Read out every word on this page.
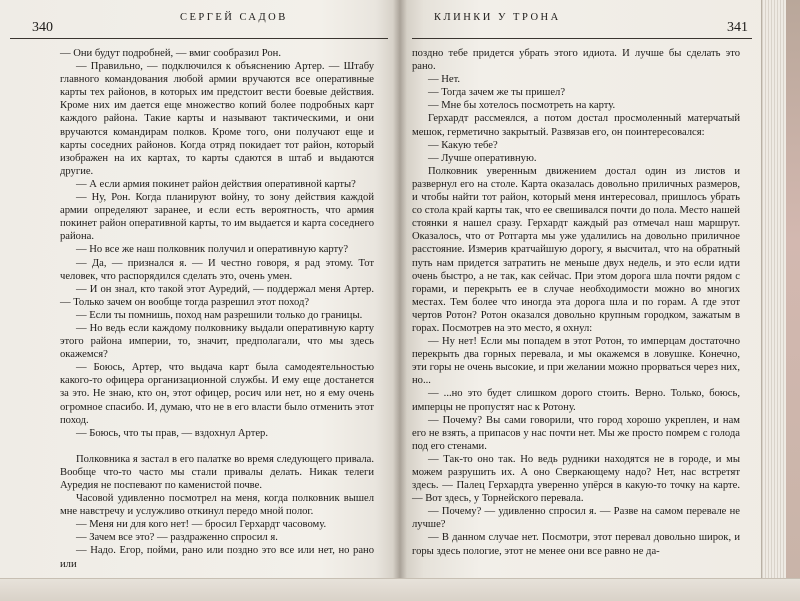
340
СЕРГЕЙ САДОВ

— Они будут подробней, — вмиг сообразил Рон.

— Правильно, — подключился к объяснению Артер. — Штабу главного командования любой армии вручаются все оперативные карты тех районов, в которых им предстоит вести боевые действия. Кроме них им дается еще множество копий более подробных карт каждого района. Такие карты и называют тактическими, и они вручаются командирам полков. Кроме того, они получают еще и карты соседних районов. Когда отряд покидает тот район, который изображен на их картах, то карты сдаются в штаб и выдаются другие.

— А если армия покинет район действия оперативной карты?

— Ну, Рон. Когда планируют войну, то зону действия каждой армии определяют заранее, и если есть вероятность, что армия покинет район оперативной карты, то им выдается и карта соседнего района.

— Но все же наш полковник получил и оперативную карту?

— Да, — признался я. — И честно говоря, я рад этому. Тот человек, что распорядился сделать это, очень умен.

— И он знал, кто такой этот Ауредий, — поддержал меня Артер. — Только зачем он вообще тогда разрешил этот поход?

— Если ты помнишь, поход нам разрешили только до границы.

— Но ведь если каждому полковнику выдали оперативную карту этого района империи, то, значит, предполагали, что мы здесь окажемся?

— Боюсь, Артер, что выдача карт была самодеятельностью какого-то офицера организационной службы. И ему еще достанется за это. Не знаю, кто он, этот офицер, росич или нет, но я ему очень огромное спасибо. И, думаю, что не в его власти было отменить этот поход.

— Боюсь, что ты прав, — вздохнул Артер.

Полковника я застал в его палатке во время следующего привала. Вообще что-то часто мы стали привалы делать. Никак телеги Ауредия не поспевают по каменистой почве.

Часовой удивленно посмотрел на меня, когда полковник вышел мне навстречу и услужливо откинул передо мной полог.

— Меня ни для кого нет! — бросил Герхардт часовому.

— Зачем все это? — раздраженно спросил я.

— Надо. Егор, пойми, рано или поздно это все или нет, но рано или

КЛИНКИ У ТРОНА
341

поздно тебе придется убрать этого идиота. И лучше бы сделать это рано.

— Нет.

— Тогда зачем же ты пришел?

— Мне бы хотелось посмотреть на карту.

Герхардт рассмеялся, а потом достал просмоленный матерчатый мешок, герметично закрытый. Развязав его, он поинтересовался:

— Какую тебе?

— Лучше оперативную.

Полковник уверенным движением достал один из листов и развернул его на столе. Карта оказалась довольно приличных размеров, и чтобы найти тот район, который меня интересовал, пришлось убрать со стола край карты так, что ее свешивался почти до пола. Место нашей стоянки я нашел сразу. Герхардт каждый раз отмечал наш маршрут. Оказалось, что от Ротгарта мы уже удалились на довольно приличное расстояние. Измерив кратчайшую дорогу, я высчитал, что на обратный путь нам придется затратить не меньше двух недель, и это если идти очень быстро, а не так, как сейчас. При этом дорога шла почти рядом с горами, и перекрыть ее в случае необходимости можно во многих местах. Тем более что иногда эта дорога шла и по горам. А где этот чертов Ротон? Ротон оказался довольно крупным городком, зажатым в горах. Посмотрев на это место, я охнул:

— Ну нет! Если мы попадем в этот Ротон, то имперцам достаточно перекрыть два горных перевала, и мы окажемся в ловушке. Конечно, эти горы не очень высокие, и при желании можно прорваться через них, но...

— ...но это будет слишком дорого стоить. Верно. Только, боюсь, имперцы не пропустят нас к Ротону.

— Почему? Вы сами говорили, что город хорошо укреплен, и нам его не взять, а припасов у нас почти нет. Мы же просто помрем с голода под его стенами.

— Так-то оно так. Но ведь рудники находятся не в городе, и мы можем разрушить их. А оно Сверкающему надо? Нет, нас встретят здесь. — Палец Герхардта уверенно упёрся в какую-то точку на карте. — Вот здесь, у Торнейского перевала.

— Почему? — удивленно спросил я. — Разве на самом перевале не лучше?

— В данном случае нет. Посмотри, этот перевал довольно широк, и горы здесь пологие, этот не менее они все равно не да-
